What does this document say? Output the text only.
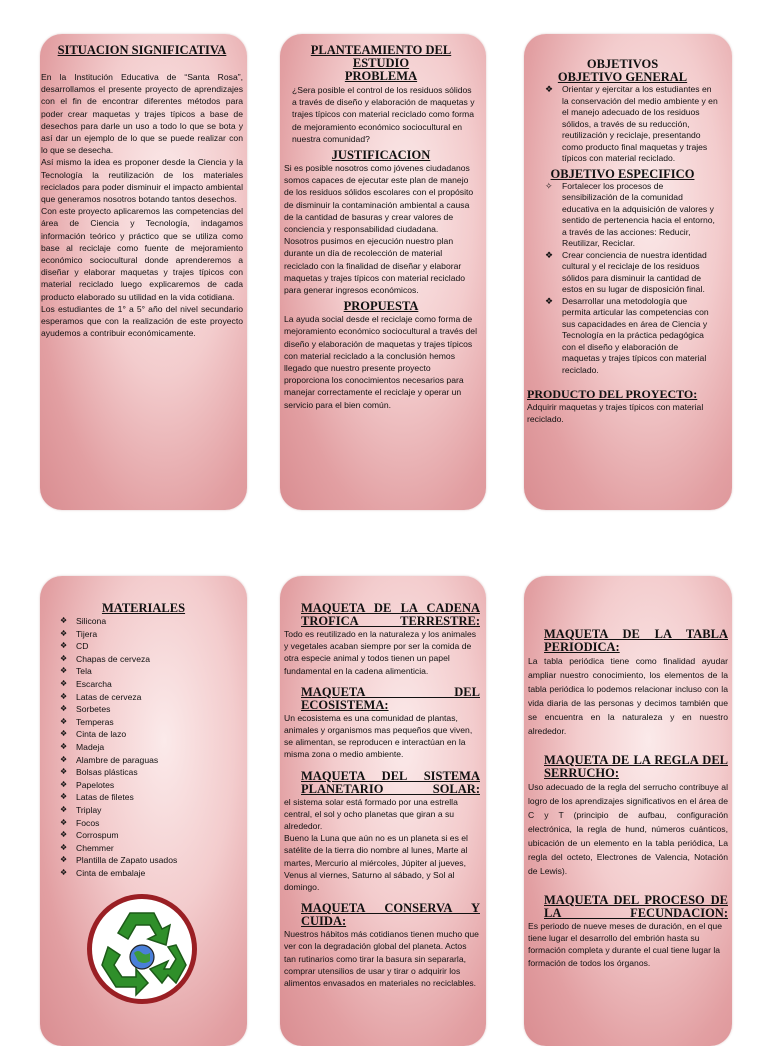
SITUACION SIGNIFICATIVA

En la Institución Educativa de “Santa Rosa”, desarrollamos el presente proyecto de aprendizajes con el fin de encontrar diferentes métodos para poder crear maquetas y trajes típicos a base de desechos para darle un uso a todo lo que se bota y así dar un ejemplo de lo que se puede realizar con lo que se desecha.

Así mismo la idea es proponer desde la Ciencia y la Tecnología la reutilización de los materiales reciclados para poder disminuir el impacto ambiental que generamos nosotros botando tantos desechos.

Con este proyecto aplicaremos las competencias del área de Ciencia y Tecnología, indagamos información teórico y práctico que se utiliza como base al reciclaje como fuente de mejoramiento económico sociocultural donde aprenderemos a diseñar y elaborar maquetas y trajes típicos con material reciclado luego explicaremos de cada producto elaborado su utilidad en la vida cotidiana.

Los estudiantes de 1° a 5° año del nivel secundario esperamos que con la realización de este proyecto ayudemos a contribuir económicamente.

PLANTEAMIENTO DEL ESTUDIO

PROBLEMA

¿Sera posible el control de los residuos sólidos a través de diseño y elaboración de maquetas y trajes típicos con material reciclado como forma de mejoramiento económico sociocultural en nuestra comunidad?

JUSTIFICACION

Si es posible nosotros como jóvenes ciudadanos somos capaces de ejecutar este plan de manejo de los residuos sólidos escolares con el propósito de disminuir la contaminación ambiental a causa de la cantidad de basuras y crear valores de conciencia y responsabilidad ciudadana.

Nosotros pusimos en ejecución nuestro plan durante un día de recolección de material reciclado con la finalidad de diseñar y elaborar maquetas y trajes típicos con material reciclado para generar ingresos económicos.

PROPUESTA

La ayuda social desde el reciclaje como forma de mejoramiento económico sociocultural a través del diseño y elaboración de maquetas y trajes típicos con material reciclado a la conclusión hemos llegado que nuestro presente proyecto proporciona los conocimientos necesarios para manejar correctamente el reciclaje y operar un servicio para el bien común.

OBJETIVOS

OBJETIVO GENERAL

❖ Orientar y ejercitar a los estudiantes en la conservación del medio ambiente y en el manejo adecuado de los residuos sólidos, a través de su reducción, reutilización y reciclaje, presentando como producto final maquetas y trajes típicos con material reciclado.

OBJETIVO ESPECIFICO

✧ Fortalecer los procesos de sensibilización de la comunidad educativa en la adquisición de valores y sentido de pertenencia hacia el entorno, a través de las acciones: Reducir, Reutilizar, Reciclar.
❖ Crear conciencia de nuestra identidad cultural y el reciclaje de los residuos sólidos para disminuir la cantidad de estos en su lugar de disposición final.
❖ Desarrollar una metodología que permita articular las competencias con sus capacidades en área de Ciencia y Tecnología en la práctica pedagógica con el diseño y elaboración de maquetas y trajes típicos con material reciclado.

PRODUCTO DEL PROYECTO:

Adquirir maquetas y trajes típicos con material reciclado.

MATERIALES

❖ Silicona
❖ Tijera
❖ CD
❖ Chapas de cerveza
❖ Tela
❖ Escarcha
❖ Latas de cerveza
❖ Sorbetes
❖ Temperas
❖ Cinta de lazo
❖ Madeja
❖ Alambre de paraguas
❖ Bolsas plásticas
❖ Papelotes
❖ Latas de filetes
❖ Triplay
❖ Focos
❖ Corrospum
❖ Chemmer
❖ Plantilla de Zapato usados
❖ Cinta de embalaje

MAQUETA DE LA CADENA TROFICA TERRESTRE:

Todo es reutilizado en la naturaleza y los animales y vegetales acaban siempre por ser la comida de otra especie animal y todos tienen un papel fundamental en la cadena alimenticia.

MAQUETA DEL ECOSISTEMA:

Un ecosistema es una comunidad de plantas, animales y organismos mas pequeños que viven, se alimentan, se reproducen e interactúan en la misma zona o medio ambiente.

MAQUETA DEL SISTEMA PLANETARIO SOLAR:

el sistema solar está formado por una estrella central, el sol y ocho planetas que giran a su alrededor.

Bueno la Luna que aún no es un planeta si es el satélite de la tierra dio nombre al lunes, Marte al martes, Mercurio al miércoles, Júpiter al jueves, Venus al viernes, Saturno al sábado, y Sol al domingo.

MAQUETA CONSERVA Y CUIDA:

Nuestros hábitos más cotidianos tienen mucho que ver con la degradación global del planeta. Actos tan rutinarios como tirar la basura sin separarla, comprar utensilios de usar y tirar o adquirir los alimentos envasados en materiales no reciclables.

MAQUETA DE LA TABLA PERIODICA:

La tabla periódica tiene como finalidad ayudar ampliar nuestro conocimiento, los elementos de la tabla periódica lo podemos relacionar incluso con la vida diaria de las personas y decimos también que se encuentra en la naturaleza y en nuestro alrededor.

MAQUETA DE LA REGLA DEL SERRUCHO:

Uso adecuado de la regla del serrucho contribuye al logro de los aprendizajes significativos en el área de C y T (principio de aufbau, configuración electrónica, la regla de hund, números cuánticos, ubicación de un elemento en la tabla periódica, La regla del octeto, Electrones de Valencia, Notación de Lewis).

MAQUETA DEL PROCESO DE LA FECUNDACION:

Es periodo de nueve meses de duración, en el que tiene lugar el desarrollo del embrión hasta su formación completa y durante el cual tiene lugar la formación de todos los órganos.
